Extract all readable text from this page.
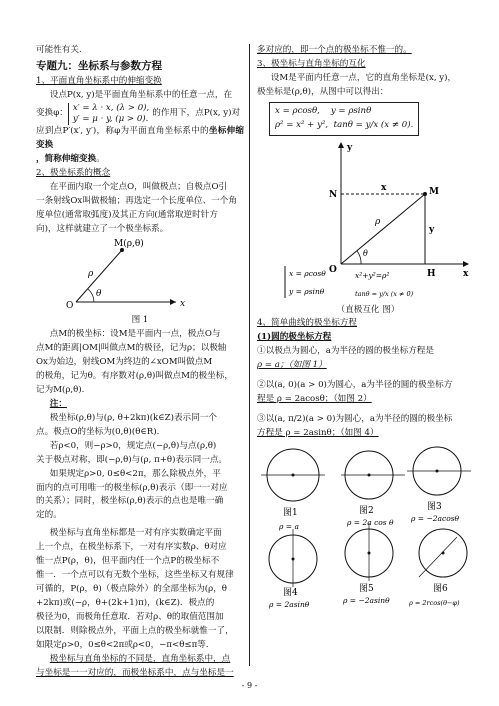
可能性有关.

专题九：坐标系与参数方程

1、平面直角坐标系中的伸缩变换

设点P(x, y)是平面直角坐标系中的任意一点，在

变换φ：
x′ = λ · x, (λ > 0),
y′ = μ · y, (μ > 0).
的作用下，点P(x, y)对

应到点P′(x′, y′)，称φ为平面直角坐标系中的坐标伸缩变换

，简称伸缩变换。

2、极坐标系的概念

在平面内取一个定点O，叫做极点；自极点O引

一条射线Ox叫做极轴；再选定一个长度单位、一个角

度单位(通常取弧度)及其正方向(通常取逆时针方

向)，这样就建立了一个极坐标系。

M(ρ,θ)
ρ
θ
O	x

图 1

点M的极坐标：设M是平面内一点，极点O与

点M的距离|OM|叫做点M的极径，记为ρ；以极轴

Ox为始边，射线OM为终边的∠xOM叫做点M

的极角，记为θ。有序数对(ρ,θ)叫做点M的极坐标，

记为M(ρ,θ).

注：

极坐标(ρ,θ)与(ρ, θ+2kπ)(k∈Z)表示同一个

点。极点O的坐标为(0,θ)(θ∈R).

若ρ<0，则−ρ>0，规定点(−ρ,θ)与点(ρ,θ)

关于极点对称，即(−ρ,θ)与(ρ, π+θ)表示同一点。

如果规定ρ>0, 0≤θ<2π，那么除极点外，平

面内的点可用唯一的极坐标(ρ,θ)表示（即一一对应

的关系）；同时，极坐标(ρ,θ)表示的点也是唯一确

定的。

极坐标与直角坐标都是一对有序实数确定平面

上一个点，在极坐标系下，一对有序实数ρ、θ对应

惟一点P(ρ，θ)，但平面内任一个点P的极坐标不

惟一．一个点可以有无数个坐标，这些坐标又有规律

可循的，P(ρ，θ)（极点除外）的全部坐标为(ρ，θ

+2kπ)或(−ρ，θ+(2k+1)π)，(k∈Z)．极点的

极径为0，而极角任意取．若对ρ、θ的取值范围加

以限制．则除极点外，平面上点的极坐标就惟一了，

如限定ρ>0，0≤θ<2π或ρ<0，−π<θ≤π等．

极坐标与直角坐标的不同是，直角坐标系中，点

与坐标是一一对应的，而极坐标系中，点与坐标是一

多对应的，即一个点的极坐标不惟一的。

3、极坐标与直角坐标的互化

设M是平面内任意一点，它的直角坐标是(x, y)，

极坐标是(ρ,θ)，从图中可以得出：

x = ρcosθ, y = ρsinθ
ρ² = x² + y², tanθ = y/x (x ≠ 0).
y
N	M
x
y
ρ
θ
O	H	x
x = ρcosθ
y = ρsinθ
x²+y²=ρ²
tanθ = y/x (x ≠ 0)

（直极互化 图）

4、简单曲线的极坐标方程

(1)圆的极坐标方程

①以极点为圆心，a为半径的圆的极坐标方程是

ρ = a；（如图 1）

②以(a, 0)(a > 0)为圆心，a为半径的圆的极坐标方

程是 ρ = 2acosθ；（如图 2）

③以(a, π/2)(a > 0)为圆心，a为半径的圆的极坐标

方程是 ρ = 2asinθ；（如图 4）

图1	图2	图3
ρ = a	ρ = 2a cos θ ρ = −2acosθ
图4	图5	图6
ρ = 2asinθ	ρ = −2asinθ	ρ = 2rcos(θ−φ)
- 9 -
